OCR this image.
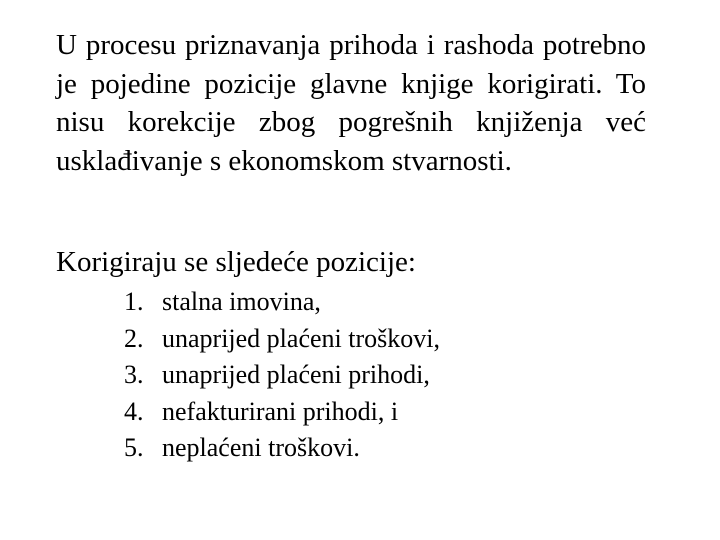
U procesu priznavanja prihoda i rashoda potrebno je pojedine pozicije glavne knjige korigirati. To nisu korekcije zbog pogrešnih knjiženja već usklađivanje s ekonomskom stvarnosti.

Korigiraju se sljedeće pozicije:

1. stalna imovina,
2. unaprijed plaćeni troškovi,
3. unaprijed plaćeni prihodi,
4. nefakturirani prihodi, i
5. neplaćeni troškovi.
